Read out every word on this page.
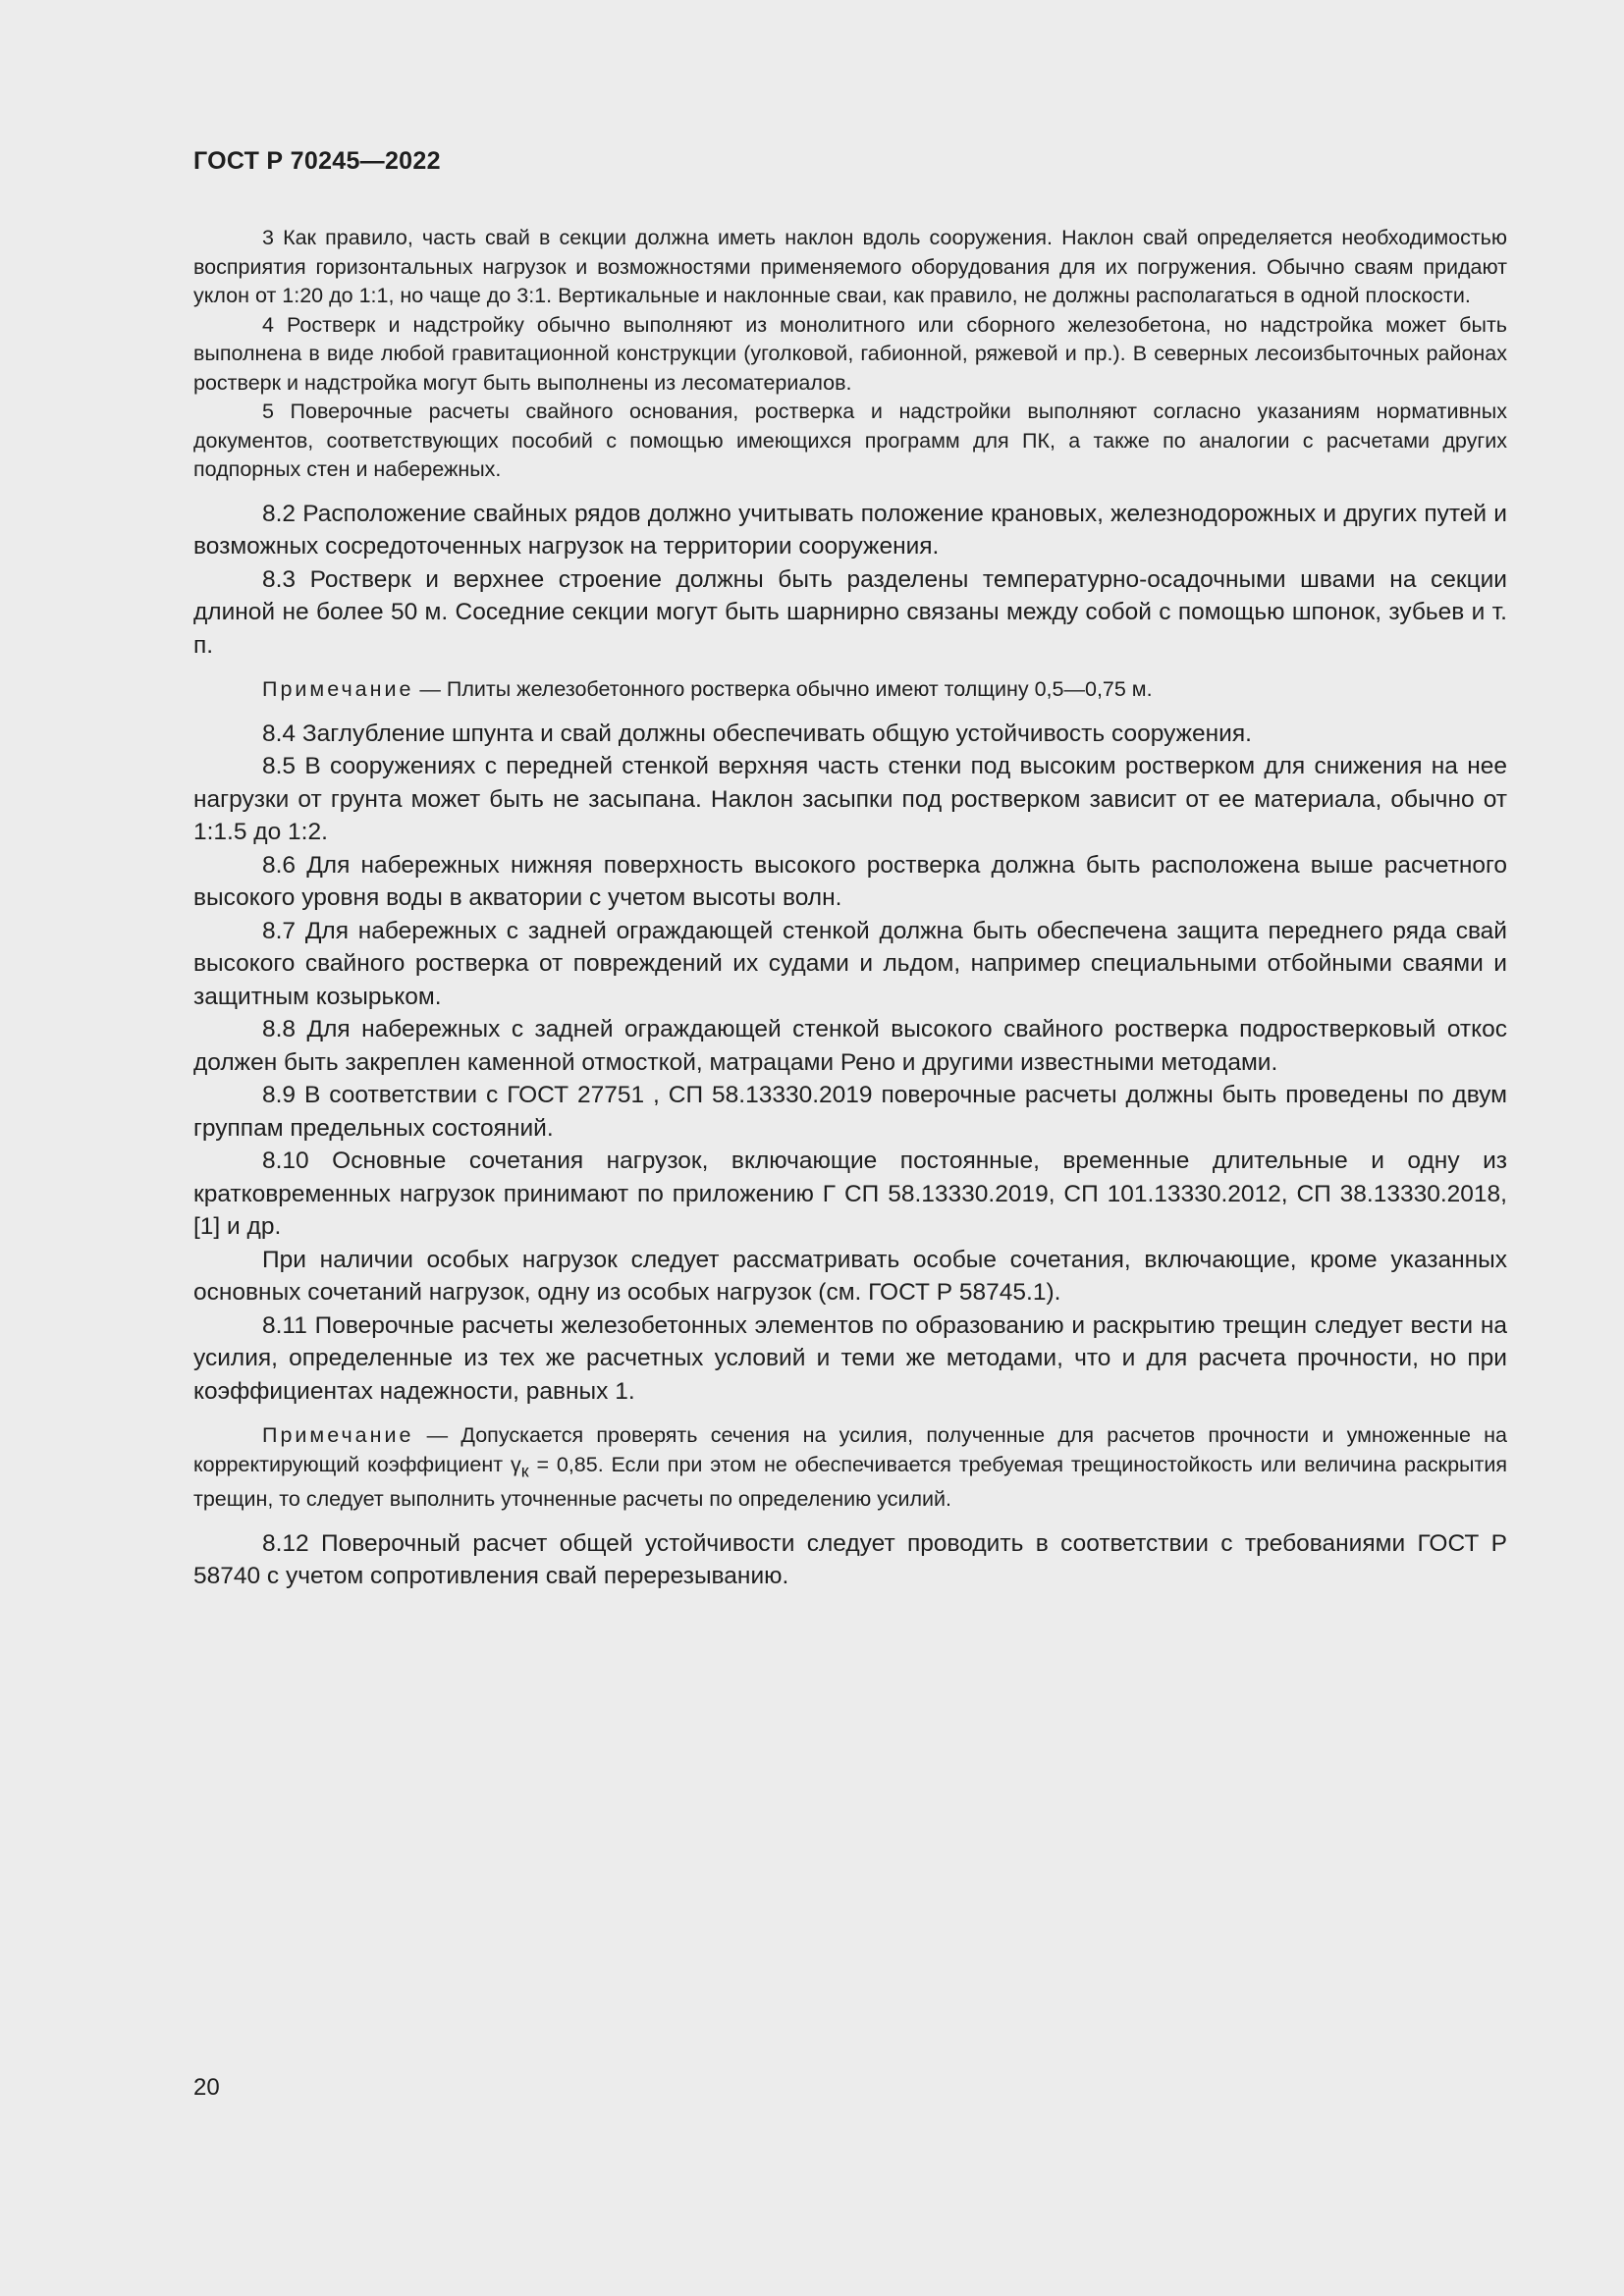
ГОСТ Р 70245—2022

3 Как правило, часть свай в секции должна иметь наклон вдоль сооружения. Наклон свай определяется необходимостью восприятия горизонтальных нагрузок и возможностями применяемого оборудования для их погружения. Обычно сваям придают уклон от 1:20 до 1:1, но чаще до 3:1. Вертикальные и наклонные сваи, как правило, не должны располагаться в одной плоскости.

4 Ростверк и надстройку обычно выполняют из монолитного или сборного железобетона, но надстройка может быть выполнена в виде любой гравитационной конструкции (уголковой, габионной, ряжевой и пр.). В северных лесоизбыточных районах ростверк и надстройка могут быть выполнены из лесоматериалов.

5 Поверочные расчеты свайного основания, ростверка и надстройки выполняют согласно указаниям нормативных документов, соответствующих пособий с помощью имеющихся программ для ПК, а также по аналогии с расчетами других подпорных стен и набережных.

8.2 Расположение свайных рядов должно учитывать положение крановых, железнодорожных и других путей и возможных сосредоточенных нагрузок на территории сооружения.

8.3 Ростверк и верхнее строение должны быть разделены температурно-осадочными швами на секции длиной не более 50 м. Соседние секции могут быть шарнирно связаны между собой с помощью шпонок, зубьев и т. п.

Примечание — Плиты железобетонного ростверка обычно имеют толщину 0,5—0,75 м.

8.4 Заглубление шпунта и свай должны обеспечивать общую устойчивость сооружения.

8.5 В сооружениях с передней стенкой верхняя часть стенки под высоким ростверком для снижения на нее нагрузки от грунта может быть не засыпана. Наклон засыпки под ростверком зависит от ее материала, обычно от 1:1.5 до 1:2.

8.6 Для набережных нижняя поверхность высокого ростверка должна быть расположена выше расчетного высокого уровня воды в акватории с учетом высоты волн.

8.7 Для набережных с задней ограждающей стенкой должна быть обеспечена защита переднего ряда свай высокого свайного ростверка от повреждений их судами и льдом, например специальными отбойными сваями и защитным козырьком.

8.8 Для набережных с задней ограждающей стенкой высокого свайного ростверка подростверковый откос должен быть закреплен каменной отмосткой, матрацами Рено и другими известными методами.

8.9 В соответствии с ГОСТ 27751 , СП 58.13330.2019 поверочные расчеты должны быть проведены по двум группам предельных состояний.

8.10 Основные сочетания нагрузок, включающие постоянные, временные длительные и одну из кратковременных нагрузок принимают по приложению Г СП 58.13330.2019, СП 101.13330.2012, СП 38.13330.2018, [1] и др.

При наличии особых нагрузок следует рассматривать особые сочетания, включающие, кроме указанных основных сочетаний нагрузок, одну из особых нагрузок (см. ГОСТ Р 58745.1).

8.11 Поверочные расчеты железобетонных элементов по образованию и раскрытию трещин следует вести на усилия, определенные из тех же расчетных условий и теми же методами, что и для расчета прочности, но при коэффициентах надежности, равных 1.

Примечание — Допускается проверять сечения на усилия, полученные для расчетов прочности и умноженные на корректирующий коэффициент $\gamma_к = 0,85$. Если при этом не обеспечивается требуемая трещиностойкость или величина раскрытия трещин, то следует выполнить уточненные расчеты по определению усилий.

8.12 Поверочный расчет общей устойчивости следует проводить в соответствии с требованиями ГОСТ Р 58740 с учетом сопротивления свай перерезыванию.

20
